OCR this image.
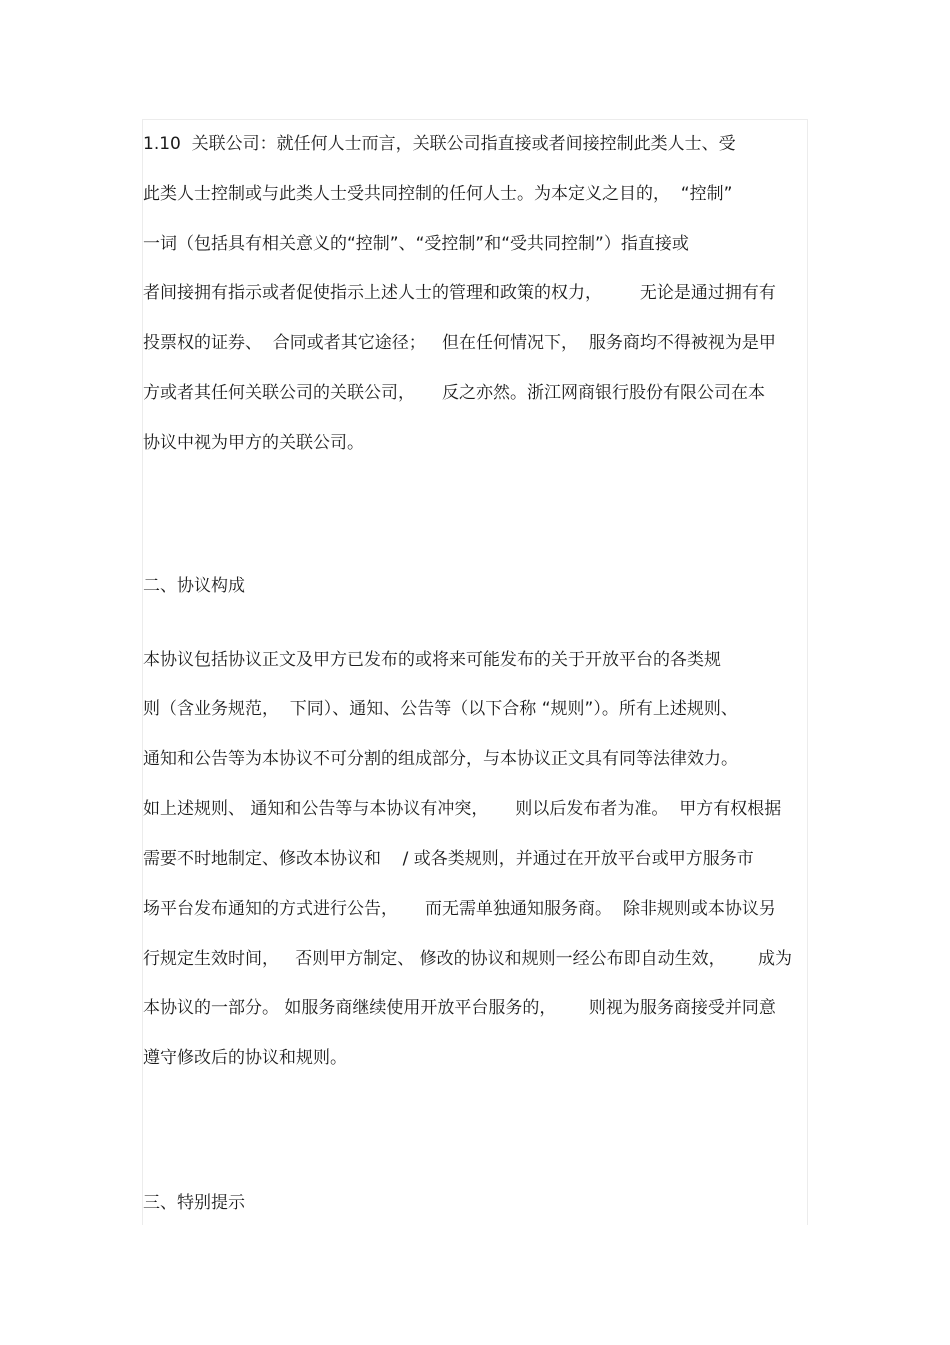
1.10  关联公司：就任何人士而言，关联公司指直接或者间接控制此类人士、受

此类人士控制或与此类人士受共同控制的任何人士。为本定义之目的，  “控制”

一词（包括具有相关意义的“控制”、“受控制”和“受共同控制”）指直接或

者间接拥有指示或者促使指示上述人士的管理和政策的权力，       无论是通过拥有有

投票权的证券、  合同或者其它途径；   但在任何情况下，  服务商均不得被视为是甲

方或者其任何关联公司的关联公司，     反之亦然。浙江网商银行股份有限公司在本

协议中视为甲方的关联公司。

二、协议构成

本协议包括协议正文及甲方已发布的或将来可能发布的关于开放平台的各类规

则（含业务规范，  下同）、通知、公告等（以下合称 “规则”）。所有上述规则、

通知和公告等为本协议不可分割的组成部分，与本协议正文具有同等法律效力。

如上述规则、 通知和公告等与本协议有冲突，     则以后发布者为准。  甲方有权根据

需要不时地制定、修改本协议和    / 或各类规则，并通过在开放平台或甲方服务市

场平台发布通知的方式进行公告，     而无需单独通知服务商。  除非规则或本协议另

行规定生效时间，   否则甲方制定、 修改的协议和规则一经公布即自动生效，      成为

本协议的一部分。 如服务商继续使用开放平台服务的，      则视为服务商接受并同意

遵守修改后的协议和规则。

三、特别提示
